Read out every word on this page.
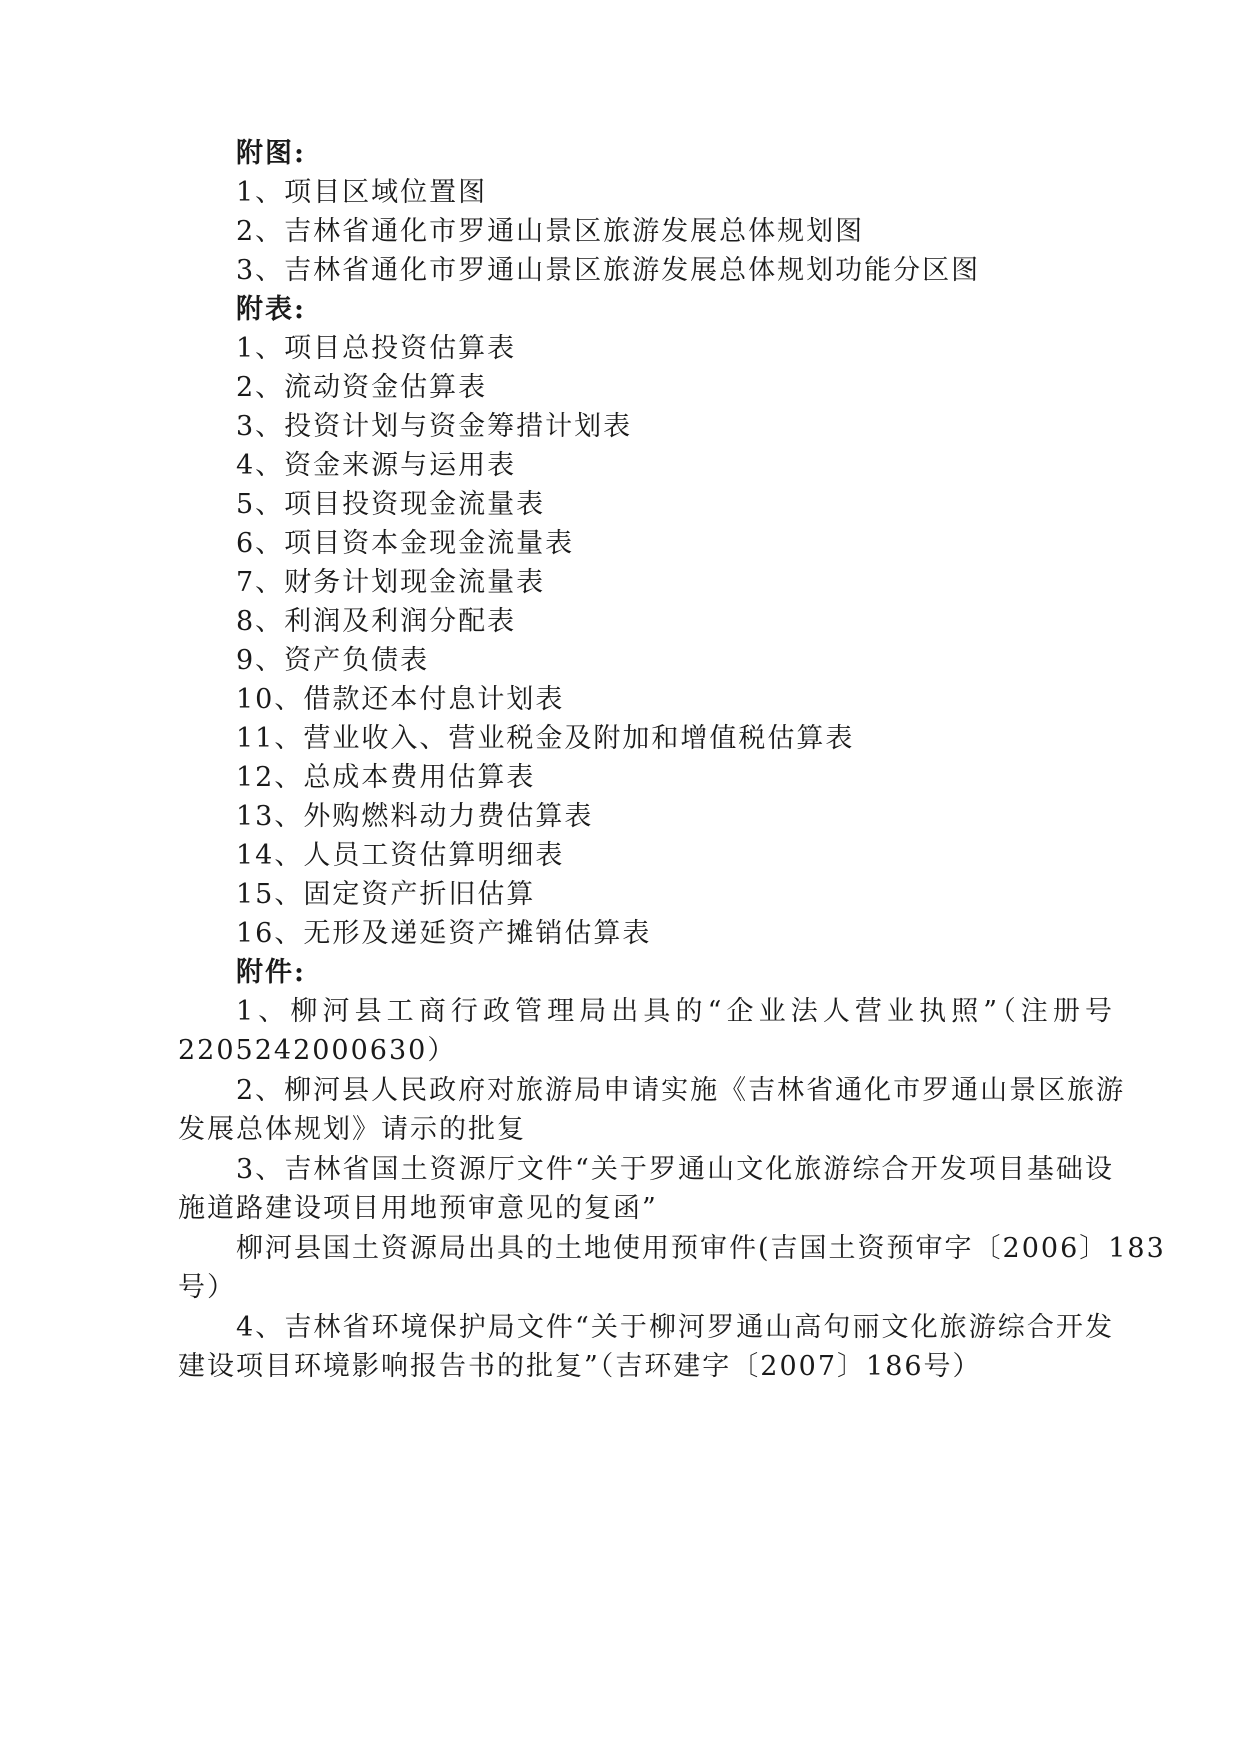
附图:
1、项目区域位置图
2、吉林省通化市罗通山景区旅游发展总体规划图
3、吉林省通化市罗通山景区旅游发展总体规划功能分区图
附表:
1、项目总投资估算表
2、流动资金估算表
3、投资计划与资金筹措计划表
4、资金来源与运用表
5、项目投资现金流量表
6、项目资本金现金流量表
7、财务计划现金流量表
8、利润及利润分配表
9、资产负债表
10、借款还本付息计划表
11、营业收入、营业税金及附加和增值税估算表
12、总成本费用估算表
13、外购燃料动力费估算表
14、人员工资估算明细表
15、固定资产折旧估算
16、无形及递延资产摊销估算表
附件:
1、柳河县工商行政管理局出具的“企业法人营业执照”（注册号
2205242000630）
2、柳河县人民政府对旅游局申请实施《吉林省通化市罗通山景区旅游
发展总体规划》请示的批复
3、吉林省国土资源厅文件“关于罗通山文化旅游综合开发项目基础设
施道路建设项目用地预审意见的复函”
柳河县国土资源局出具的土地使用预审件(吉国土资预审字〔2006〕183
号）
4、吉林省环境保护局文件“关于柳河罗通山高句丽文化旅游综合开发
建设项目环境影响报告书的批复”（吉环建字〔2007〕186号）
